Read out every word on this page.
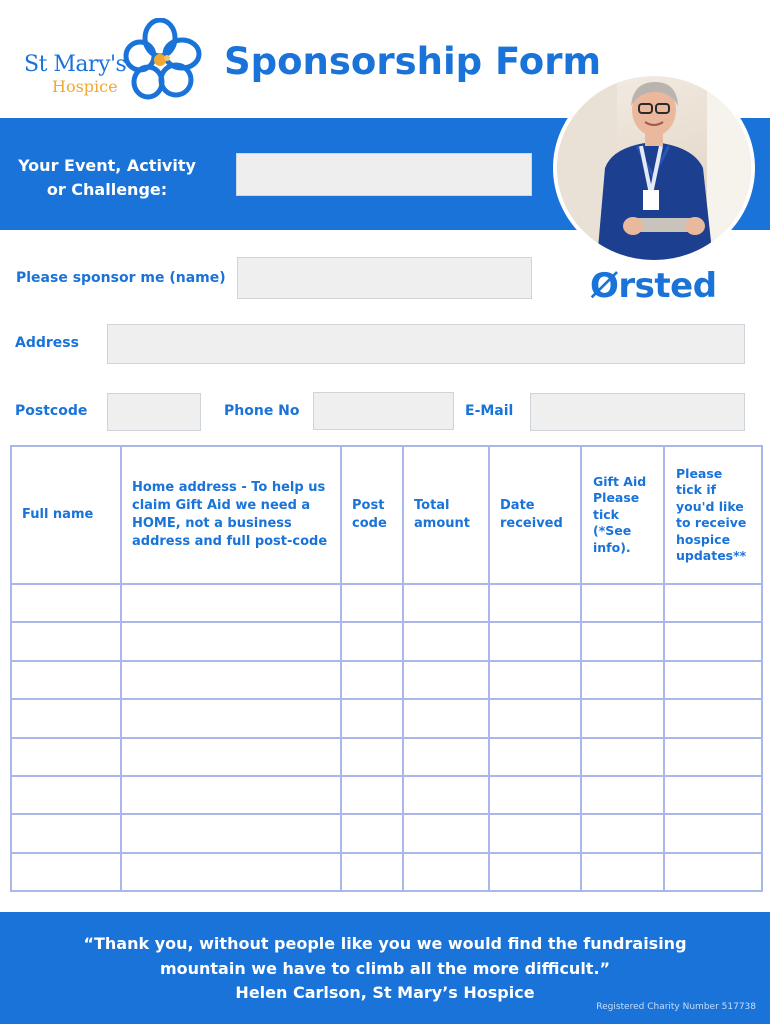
St Mary's
Hospice
Sponsorship Form
Your Event, Activity
or Challenge:
Please sponsor me (name)	Ørsted
Address
Postcode	Phone No	E-Mail
Full name	Home address - To help us claim Gift Aid we need a HOME, not a business address and full post-code	Post code	Total amount	Date received	Gift Aid Please tick (*See info).	Please tick if you'd like to receive hospice updates**

“Thank you, without people like you we would find the fundraising
mountain we have to climb all the more difficult.”
Helen Carlson, St Mary’s Hospice
Registered Charity Number 517738
